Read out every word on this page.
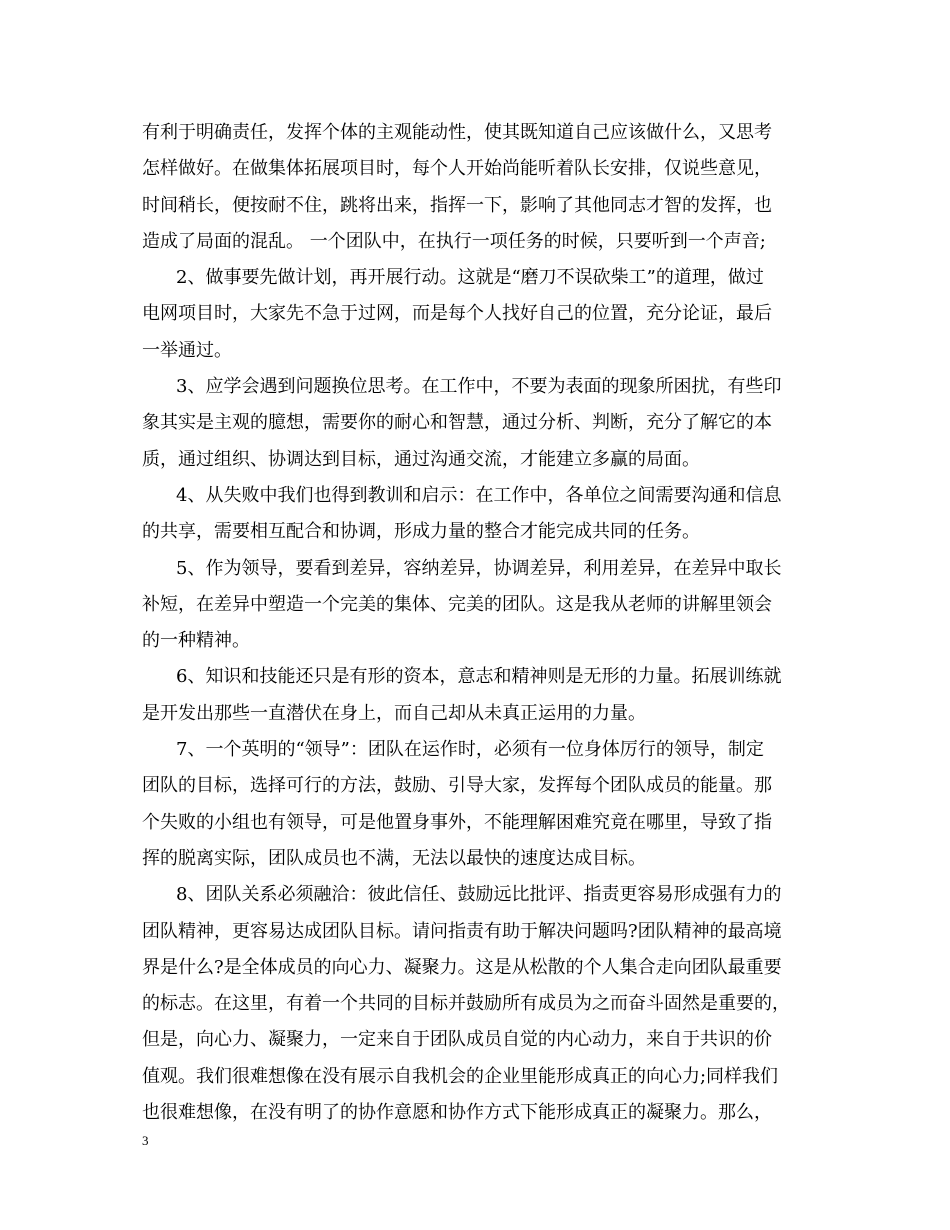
有利于明确责任，发挥个体的主观能动性，使其既知道自己应该做什么，又思考
怎样做好。在做集体拓展项目时，每个人开始尚能听着队长安排，仅说些意见，
时间稍长，便按耐不住，跳将出来，指挥一下，影响了其他同志才智的发挥，也
造成了局面的混乱。 一个团队中，在执行一项任务的时候，只要听到一个声音;
2、做事要先做计划，再开展行动。这就是“磨刀不误砍柴工”的道理，做过
电网项目时，大家先不急于过网，而是每个人找好自己的位置，充分论证，最后
一举通过。
3、应学会遇到问题换位思考。在工作中，不要为表面的现象所困扰，有些印
象其实是主观的臆想，需要你的耐心和智慧，通过分析、判断，充分了解它的本
质，通过组织、协调达到目标，通过沟通交流，才能建立多赢的局面。
4、从失败中我们也得到教训和启示：在工作中，各单位之间需要沟通和信息
的共享，需要相互配合和协调，形成力量的整合才能完成共同的任务。
5、作为领导，要看到差异，容纳差异，协调差异，利用差异，在差异中取长
补短，在差异中塑造一个完美的集体、完美的团队。这是我从老师的讲解里领会
的一种精神。
6、知识和技能还只是有形的资本，意志和精神则是无形的力量。拓展训练就
是开发出那些一直潜伏在身上，而自己却从未真正运用的力量。
7、一个英明的“领导”：团队在运作时，必须有一位身体厉行的领导，制定
团队的目标，选择可行的方法，鼓励、引导大家，发挥每个团队成员的能量。那
个失败的小组也有领导，可是他置身事外，不能理解困难究竟在哪里，导致了指
挥的脱离实际，团队成员也不满，无法以最快的速度达成目标。
8、团队关系必须融洽：彼此信任、鼓励远比批评、指责更容易形成强有力的
团队精神，更容易达成团队目标。请问指责有助于解决问题吗?团队精神的最高境
界是什么?是全体成员的向心力、凝聚力。这是从松散的个人集合走向团队最重要
的标志。在这里，有着一个共同的目标并鼓励所有成员为之而奋斗固然是重要的，
但是，向心力、凝聚力，一定来自于团队成员自觉的内心动力，来自于共识的价
值观。我们很难想像在没有展示自我机会的企业里能形成真正的向心力;同样我们
也很难想像，在没有明了的协作意愿和协作方式下能形成真正的凝聚力。那么，
3
